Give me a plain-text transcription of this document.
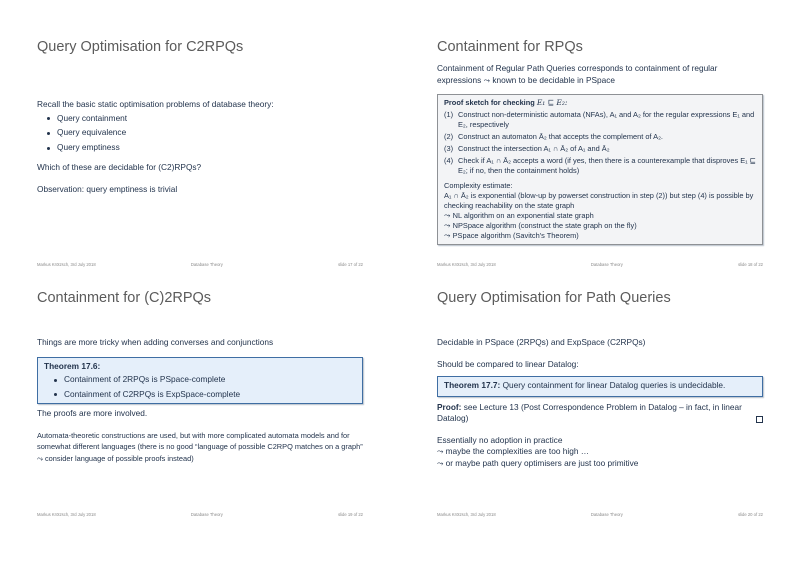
Query Optimisation for C2RPQs

Recall the basic static optimisation problems of database theory:

Query containment
Query equivalence
Query emptiness

Which of these are decidable for (C2)RPQs?

Observation: query emptiness is trivial

Markus Krötzsch, 3rd July 2018	Database Theory	slide 17 of 22
Containment for RPQs

Containment of Regular Path Queries corresponds to containment of regular expressions ⤳ known to be decidable in PSpace

Proof sketch for checking E₁ ⊑ E₂:
(1) Construct non-deterministic automata (NFAs), A₁ and A₂ for the regular expressions E₁ and E₂, respectively
(2) Construct an automaton Ā₂ that accepts the complement of A₂.
(3) Construct the intersection A₁ ∩ Ā₂ of A₁ and Ā₂
(4) Check if A₁ ∩ Ā₂ accepts a word (if yes, then there is a counterexample that disproves E₁ ⊑ E₂; if no, then the containment holds)
Complexity estimate:
A₁ ∩ Ā₂ is exponential (blow-up by powerset construction in step (2)) but step (4) is possible by checking reachability on the state graph
⤳ NL algorithm on an exponential state graph
⤳ NPSpace algorithm (construct the state graph on the fly)
⤳ PSpace algorithm (Savitch's Theorem)
Markus Krötzsch, 3rd July 2018	Database Theory	slide 18 of 22
Containment for (C)2RPQs

Things are more tricky when adding converses and conjunctions

Theorem 17.6:
Containment of 2RPQs is PSpace-complete
Containment of C2RPQs is ExpSpace-complete

The proofs are more involved.

Automata-theoretic constructions are used, but with more complicated automata models and for somewhat different languages (there is no good “language of possible C2RPQ matches on a graph” ⤳ consider language of possible proofs instead)

Markus Krötzsch, 3rd July 2018	Database Theory	slide 19 of 22
Query Optimisation for Path Queries

Decidable in PSpace (2RPQs) and ExpSpace (C2RPQs)

Should be compared to linear Datalog:

Theorem 17.7: Query containment for linear Datalog queries is undecidable.

Proof: see Lecture 13 (Post Correspondence Problem in Datalog – in fact, in linear Datalog)

Essentially no adoption in practice

⤳ maybe the complexities are too high …

⤳ or maybe path query optimisers are just too primitive

Markus Krötzsch, 3rd July 2018	Database Theory	slide 20 of 22
